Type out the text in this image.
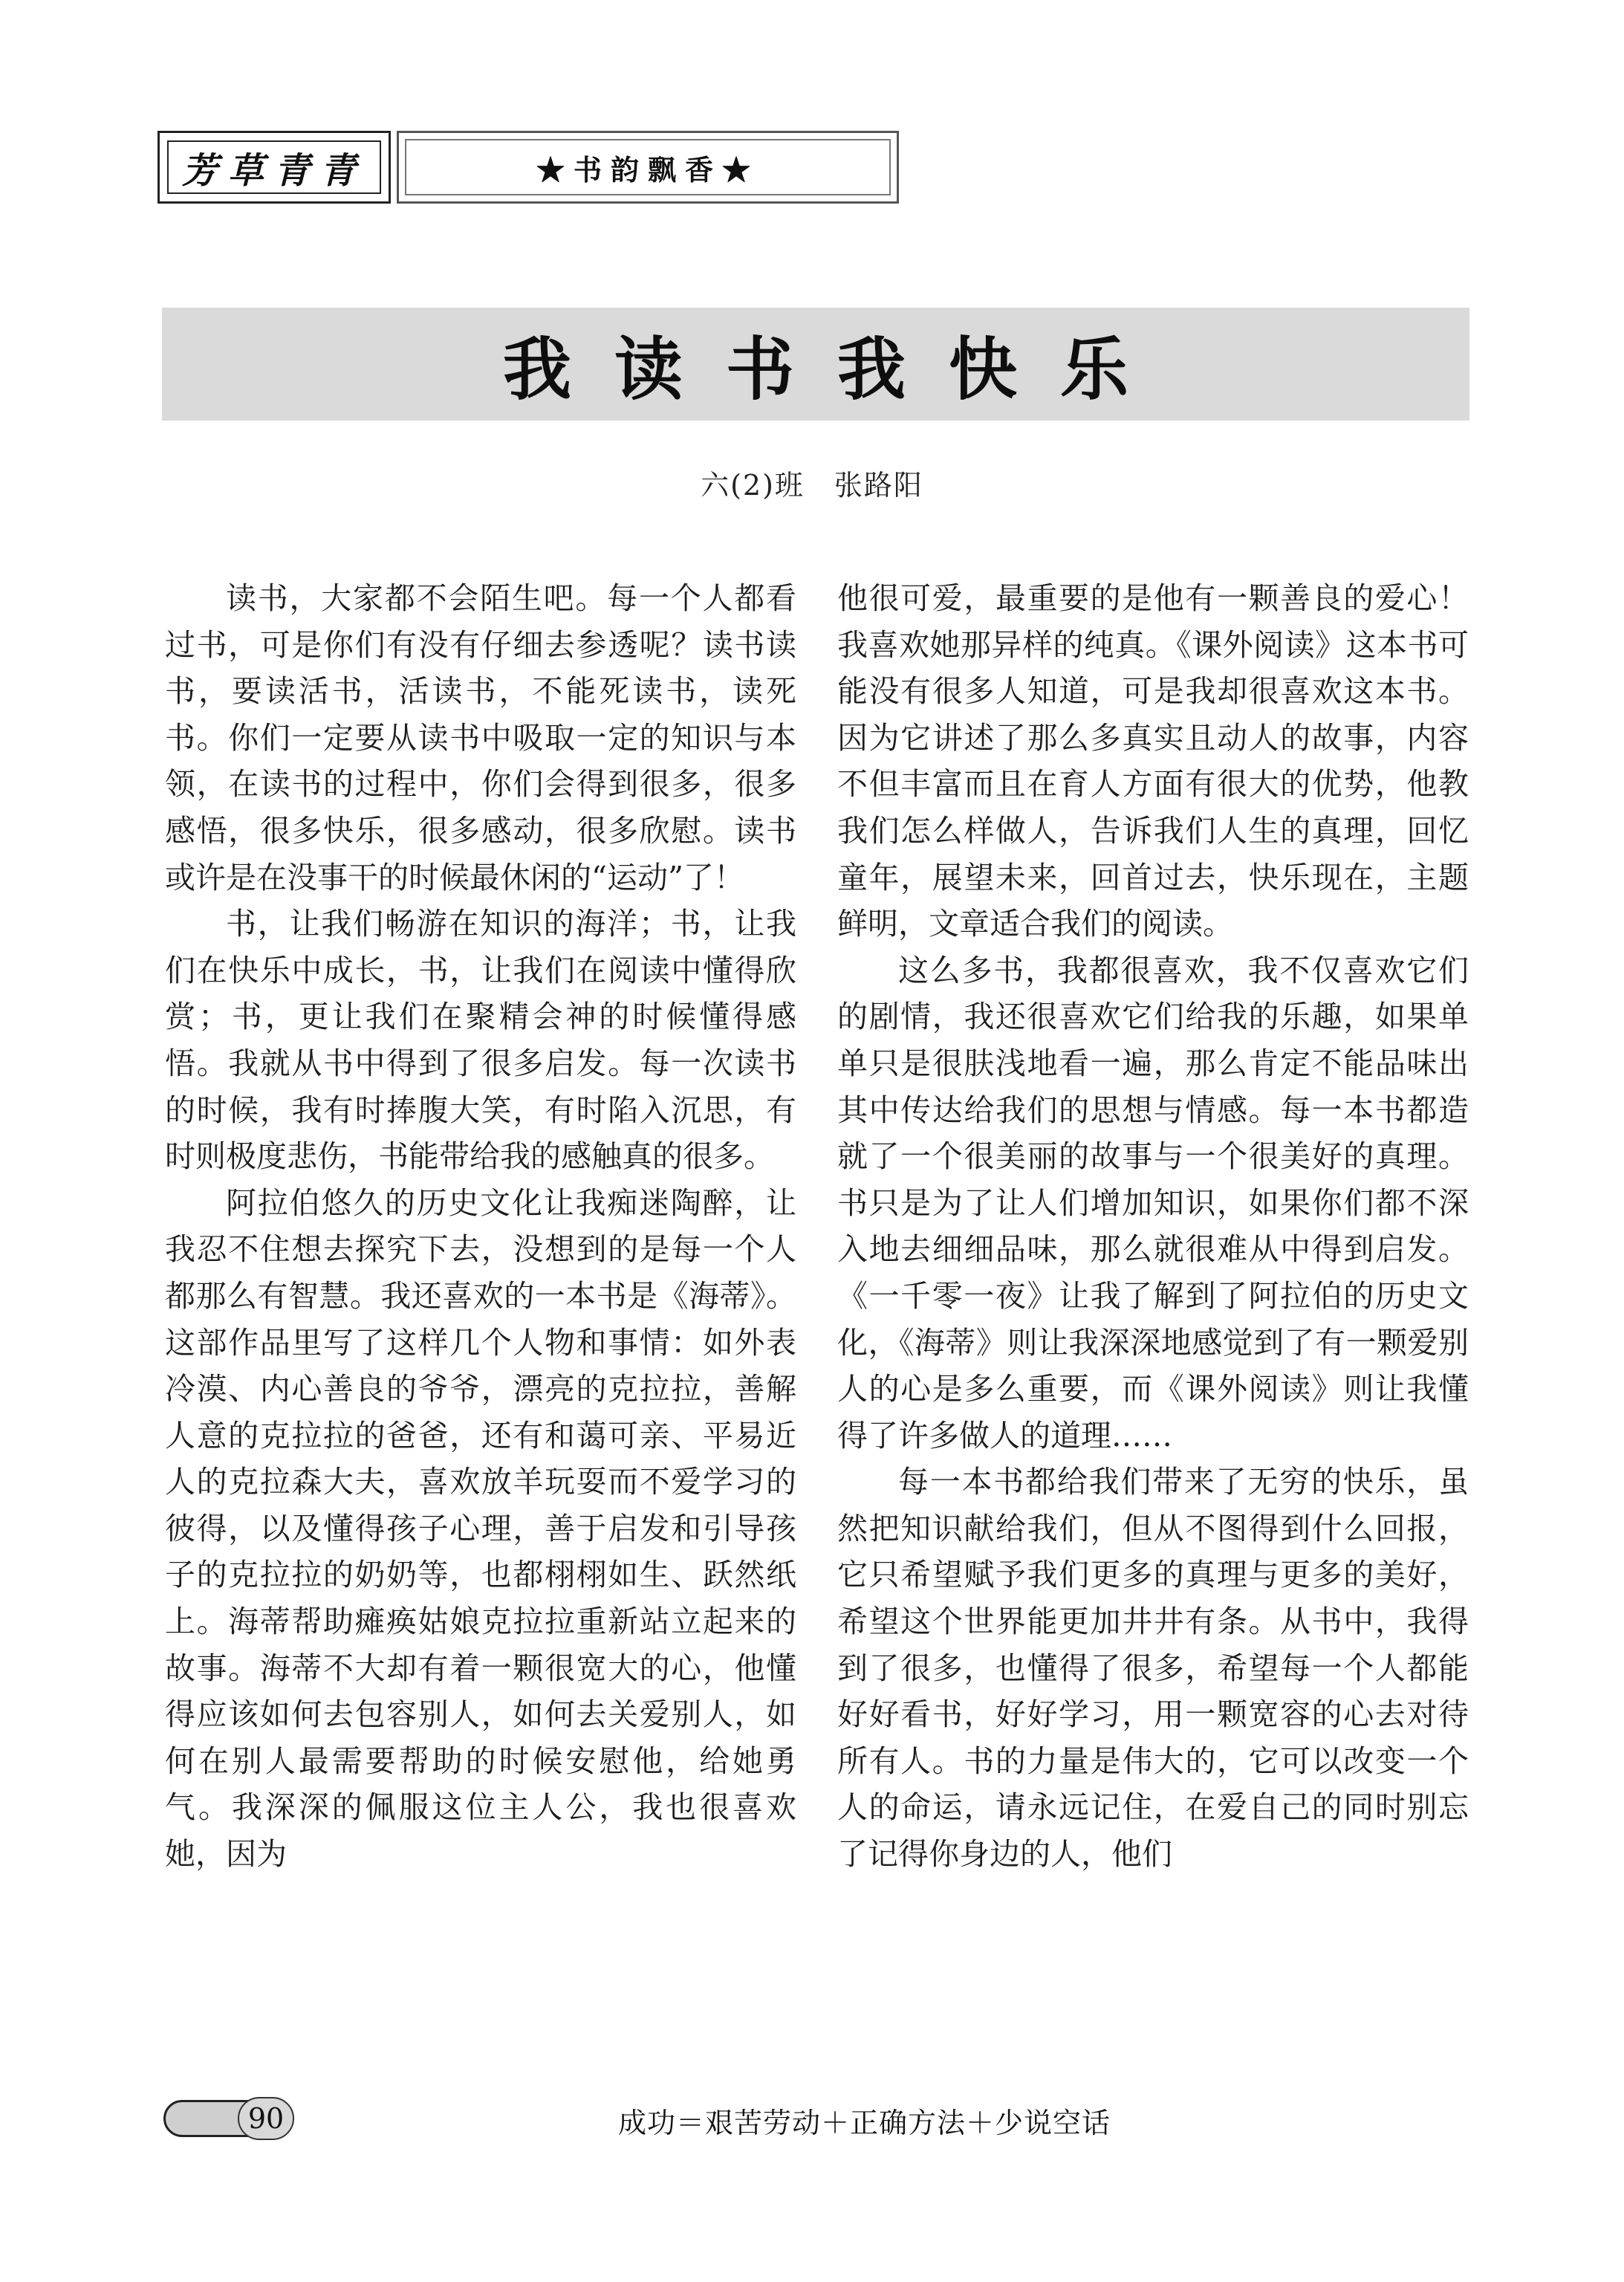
芳草青青	★书韵飘香★
我读书我快乐
六(2)班　张路阳

读书，大家都不会陌生吧。每一个人都看过书，可是你们有没有仔细去参透呢？读书读书，要读活书，活读书，不能死读书，读死书。你们一定要从读书中吸取一定的知识与本领，在读书的过程中，你们会得到很多，很多感悟，很多快乐，很多感动，很多欣慰。读书或许是在没事干的时候最休闲的“运动”了！

书，让我们畅游在知识的海洋；书，让我们在快乐中成长，书，让我们在阅读中懂得欣赏；书，更让我们在聚精会神的时候懂得感悟。我就从书中得到了很多启发。每一次读书的时候，我有时捧腹大笑，有时陷入沉思，有时则极度悲伤，书能带给我的感触真的很多。

阿拉伯悠久的历史文化让我痴迷陶醉，让我忍不住想去探究下去，没想到的是每一个人都那么有智慧。我还喜欢的一本书是《海蒂》。这部作品里写了这样几个人物和事情：如外表冷漠、内心善良的爷爷，漂亮的克拉拉，善解人意的克拉拉的爸爸，还有和蔼可亲、平易近人的克拉森大夫，喜欢放羊玩耍而不爱学习的彼得，以及懂得孩子心理，善于启发和引导孩子的克拉拉的奶奶等，也都栩栩如生、跃然纸上。海蒂帮助瘫痪姑娘克拉拉重新站立起来的故事。海蒂不大却有着一颗很宽大的心，他懂得应该如何去包容别人，如何去关爱别人，如何在别人最需要帮助的时候安慰他，给她勇气。我深深的佩服这位主人公，我也很喜欢她，因为

他很可爱，最重要的是他有一颗善良的爱心！我喜欢她那异样的纯真。《课外阅读》这本书可能没有很多人知道，可是我却很喜欢这本书。因为它讲述了那么多真实且动人的故事，内容不但丰富而且在育人方面有很大的优势，他教我们怎么样做人，告诉我们人生的真理，回忆童年，展望未来，回首过去，快乐现在，主题鲜明，文章适合我们的阅读。

这么多书，我都很喜欢，我不仅喜欢它们的剧情，我还很喜欢它们给我的乐趣，如果单单只是很肤浅地看一遍，那么肯定不能品味出其中传达给我们的思想与情感。每一本书都造就了一个很美丽的故事与一个很美好的真理。书只是为了让人们增加知识，如果你们都不深入地去细细品味，那么就很难从中得到启发。《一千零一夜》让我了解到了阿拉伯的历史文化，《海蒂》则让我深深地感觉到了有一颗爱别人的心是多么重要，而《课外阅读》则让我懂得了许多做人的道理……

每一本书都给我们带来了无穷的快乐，虽然把知识献给我们，但从不图得到什么回报，它只希望赋予我们更多的真理与更多的美好，希望这个世界能更加井井有条。从书中，我得到了很多，也懂得了很多，希望每一个人都能好好看书，好好学习，用一颗宽容的心去对待所有人。书的力量是伟大的，它可以改变一个人的命运，请永远记住，在爱自己的同时别忘了记得你身边的人，他们

90	成功＝艰苦劳动＋正确方法＋少说空话
